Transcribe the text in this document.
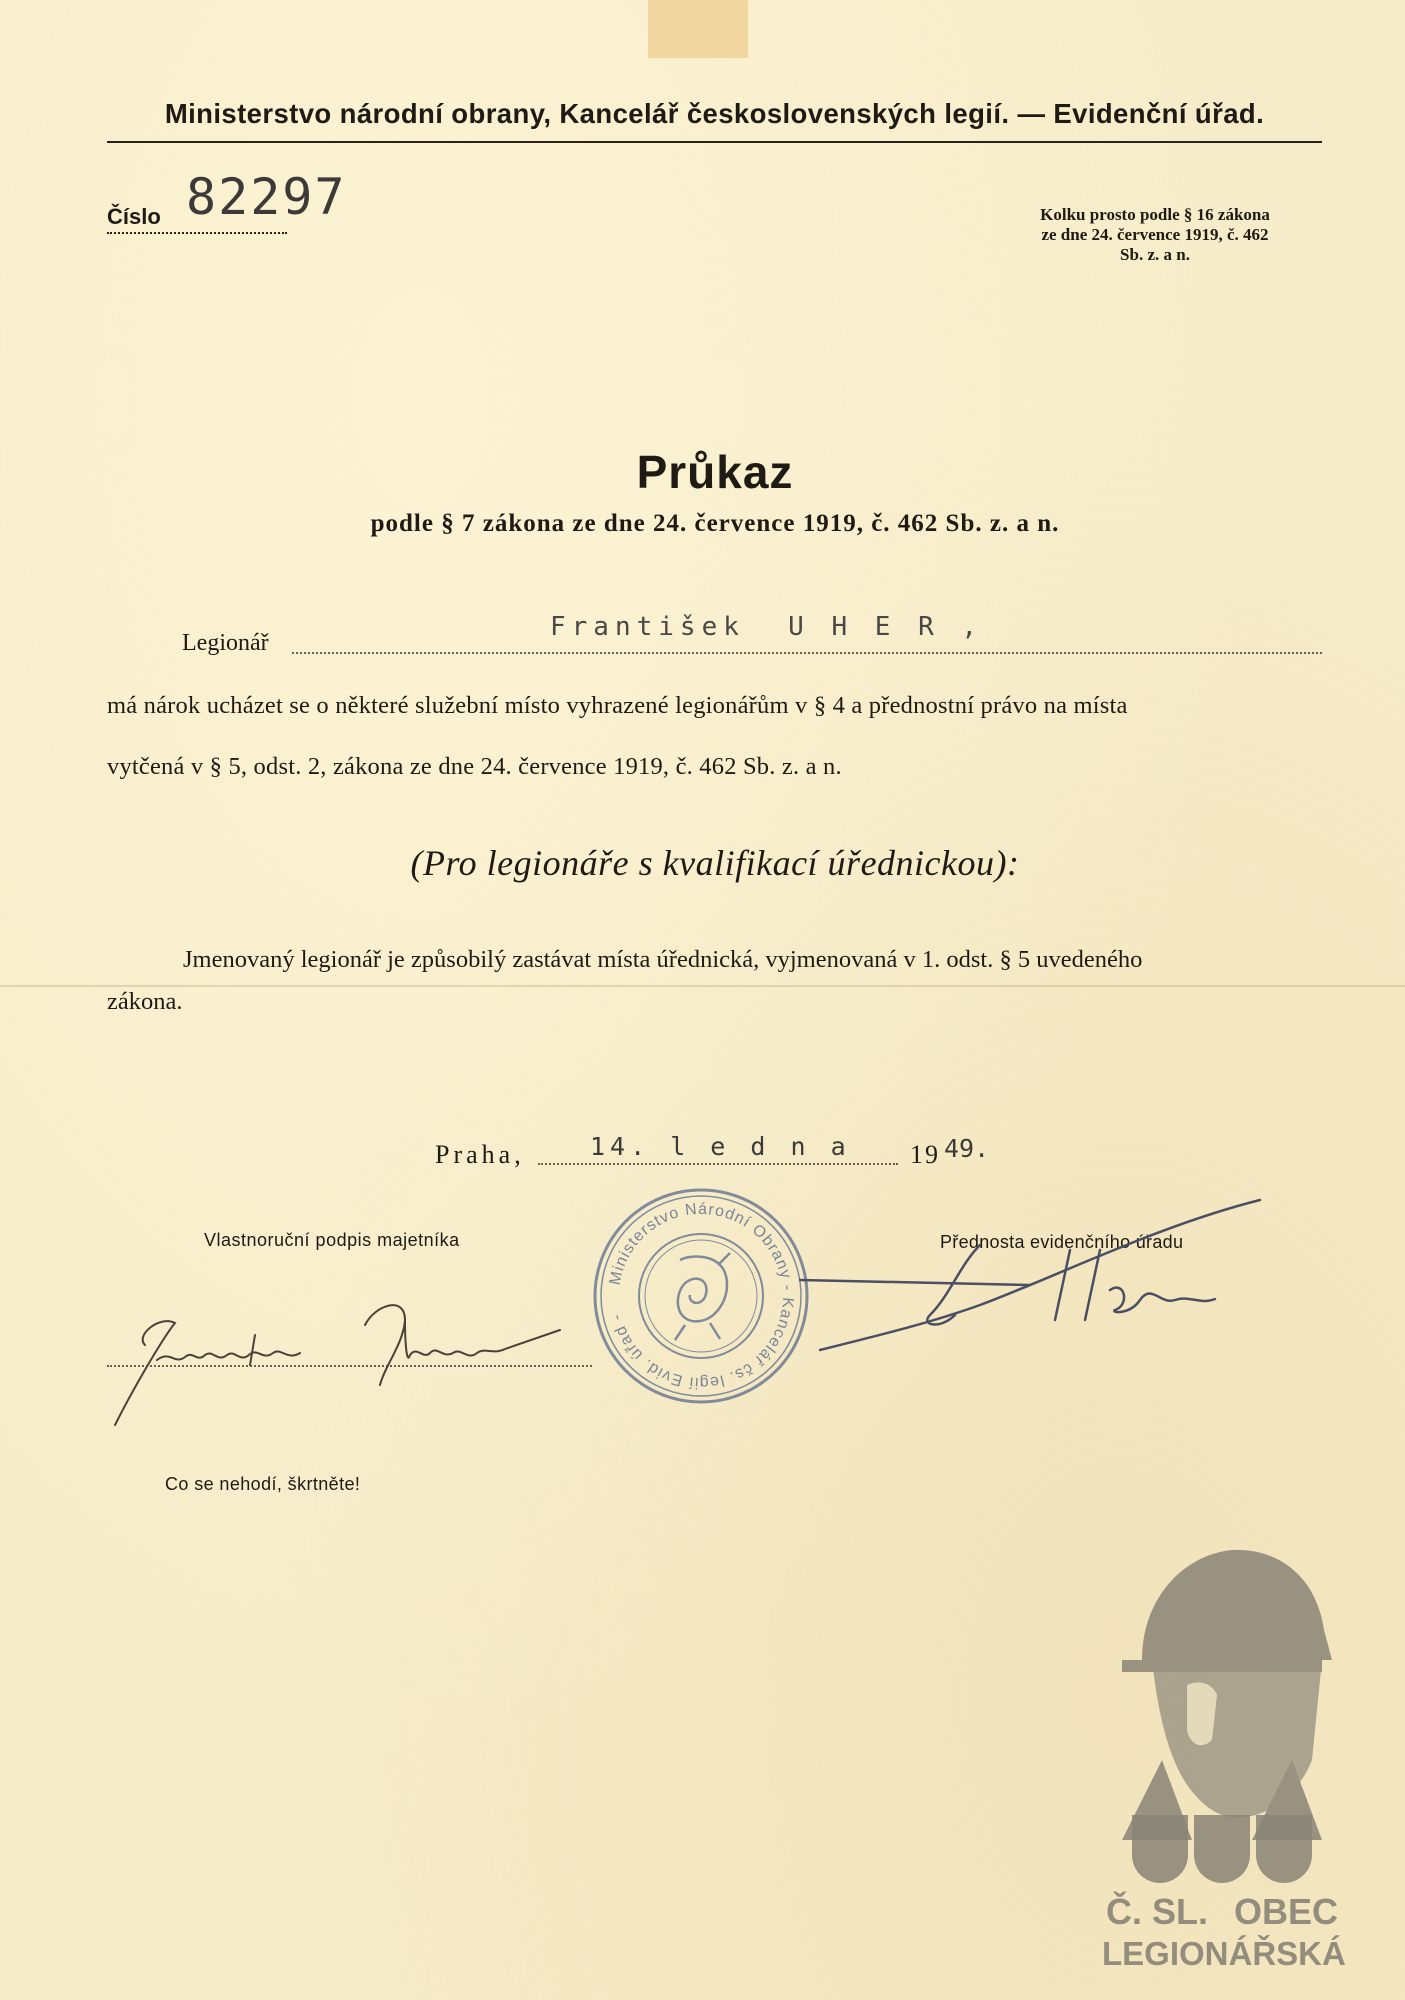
Ministerstvo národní obrany, Kancelář československých legií. — Evidenční úřad.
Číslo 82297	Kolku prosto podle § 16 zákona
ze dne 24. července 1919, č. 462
Sb. z. a n.
Průkaz
podle § 7 zákona ze dne 24. července 1919, č. 462 Sb. z. a n.
Legionář
František  U H E R ,
má nárok ucházet se o některé služební místo vyhrazené legionářům v § 4 a přednostní právo na místa
vytčená v § 5, odst. 2, zákona ze dne 24. července 1919, č. 462 Sb. z. a n.
(Pro legionáře s kvalifikací úřednickou):
Jmenovaný legionář je způsobilý zastávat místa úřednická, vyjmenovaná v 1. odst. § 5 uvedeného
zákona.
Praha,	14. l e d n a 19 49.
Vlastnoruční podpis majetníka	Přednosta evidenčního úřadu
Ministerstvo Národní Obrany - Kancelář čs. legií Evid. úřad -
Co se nehodí, škrtněte!
Č. SL. OBEC
LEGIONÁŘSKÁ
